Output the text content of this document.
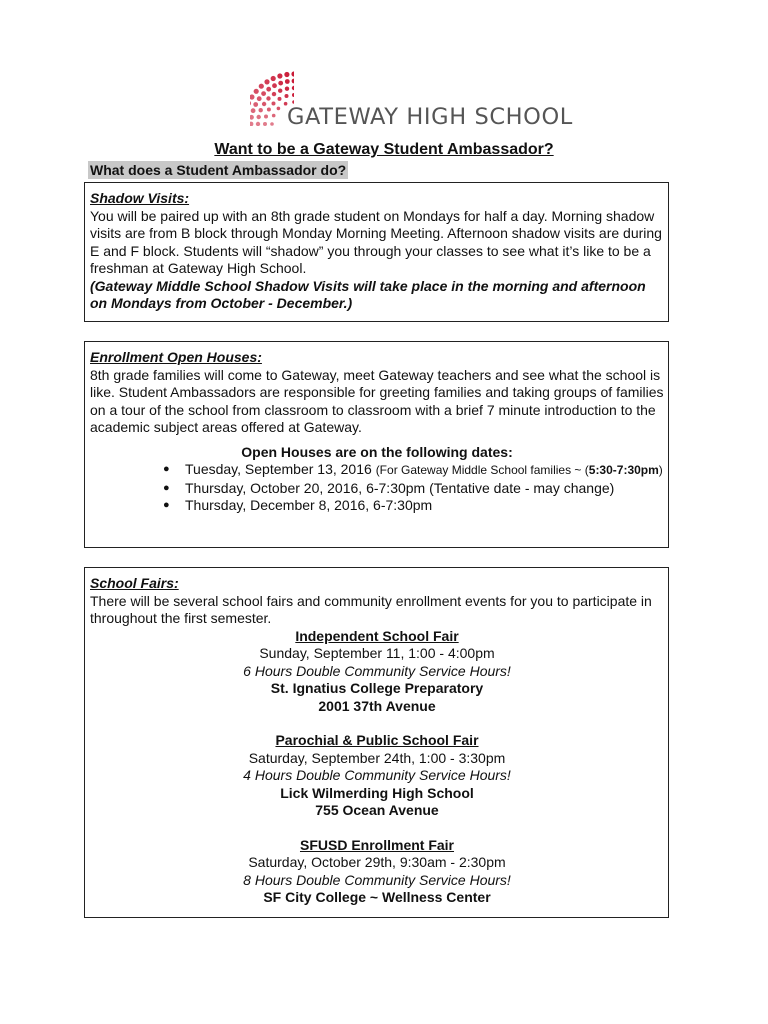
GATEWAY HIGH SCHOOL
Want to be a Gateway Student Ambassador?
What does a Student Ambassador do?
Shadow Visits:
You will be paired up with an 8th grade student on Mondays for half a day. Morning shadow visits are from B block through Monday Morning Meeting. Afternoon shadow visits are during E and F block. Students will “shadow” you through your classes to see what it’s like to be a freshman at Gateway High School.
(Gateway Middle School Shadow Visits will take place in the morning and afternoon on Mondays from October - December.)
Enrollment Open Houses:
8th grade families will come to Gateway, meet Gateway teachers and see what the school is like. Student Ambassadors are responsible for greeting families and taking groups of families on a tour of the school from classroom to classroom with a brief 7 minute introduction to the academic subject areas offered at Gateway.
Open Houses are on the following dates:
● Tuesday, September 13, 2016 (For Gateway Middle School families ~ (5:30-7:30pm)
● Thursday, October 20, 2016, 6-7:30pm (Tentative date - may change)
● Thursday, December 8, 2016, 6-7:30pm
School Fairs:
There will be several school fairs and community enrollment events for you to participate in throughout the first semester.
Independent School Fair
Sunday, September 11, 1:00 - 4:00pm
6 Hours Double Community Service Hours!
St. Ignatius College Preparatory
2001 37th Avenue
Parochial & Public School Fair
Saturday, September 24th, 1:00 - 3:30pm
4 Hours Double Community Service Hours!
Lick Wilmerding High School
755 Ocean Avenue
SFUSD Enrollment Fair
Saturday, October 29th, 9:30am - 2:30pm
8 Hours Double Community Service Hours!
SF City College ~ Wellness Center
